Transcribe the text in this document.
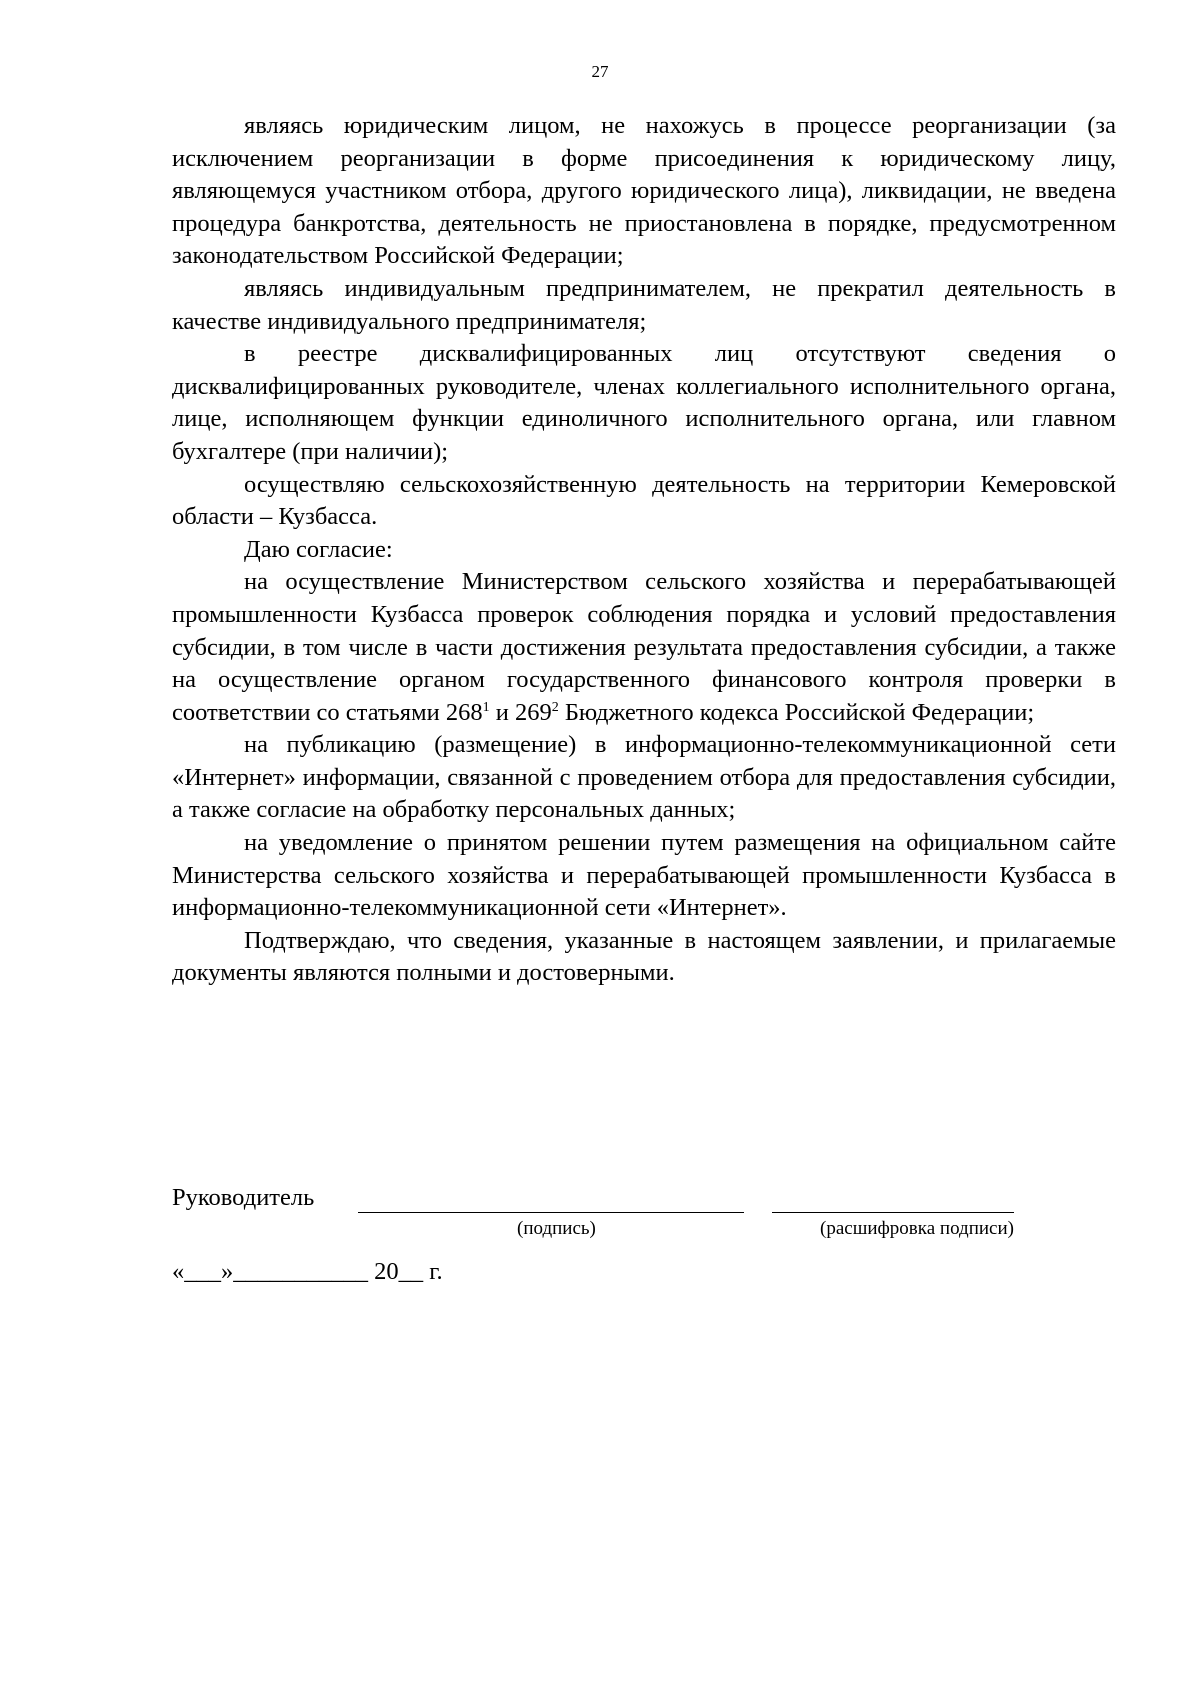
27

являясь юридическим лицом, не нахожусь в процессе реорганизации (за исключением реорганизации в форме присоединения к юридическому лицу, являющемуся участником отбора, другого юридического лица), ликвидации, не введена процедура банкротства, деятельность не приостановлена в порядке, предусмотренном законодательством Российской Федерации;

являясь индивидуальным предпринимателем, не прекратил деятельность в качестве индивидуального предпринимателя;

в реестре дисквалифицированных лиц отсутствуют сведения о дисквалифицированных руководителе, членах коллегиального исполнительного органа, лице, исполняющем функции единоличного исполнительного органа, или главном бухгалтере (при наличии);

осуществляю сельскохозяйственную деятельность на территории Кемеровской области – Кузбасса.

Даю согласие:

на осуществление Министерством сельского хозяйства и перерабатывающей промышленности Кузбасса проверок соблюдения порядка и условий предоставления субсидии, в том числе в части достижения результата предоставления субсидии, а также на осуществление органом государственного финансового контроля проверки в соответствии со статьями $268^1$ и $269^2$ Бюджетного кодекса Российской Федерации;

на публикацию (размещение) в информационно-телекоммуникационной сети «Интернет» информации, связанной с проведением отбора для предоставления субсидии, а также согласие на обработку персональных данных;

на уведомление о принятом решении путем размещения на официальном сайте Министерства сельского хозяйства и перерабатывающей промышленности Кузбасса в информационно-телекоммуникационной сети «Интернет».

Подтверждаю, что сведения, указанные в настоящем заявлении, и прилагаемые документы являются полными и достоверными.

Руководитель
(подпись)	(расшифровка подписи)
«___»___________ 20__ г.
